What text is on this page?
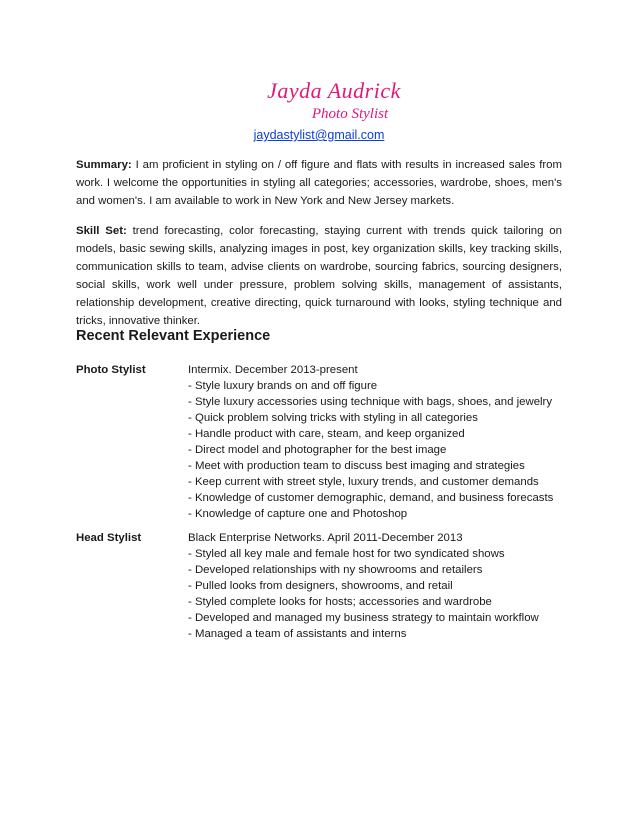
Jayda Audrick
Photo Stylist
jaydastylist@gmail.com
Summary: I am proficient in styling on / off figure and flats with results in increased sales from work. I welcome the opportunities in styling all categories; accessories, wardrobe, shoes, men's and women's. I am available to work in New York and New Jersey markets.
Skill Set: trend forecasting, color forecasting, staying current with trends quick tailoring on models, basic sewing skills, analyzing images in post, key organization skills, key tracking skills, communication skills to team, advise clients on wardrobe, sourcing fabrics, sourcing designers, social skills, work well under pressure, problem solving skills, management of assistants, relationship development, creative directing, quick turnaround with looks, styling technique and tricks, innovative thinker.
Recent Relevant Experience
Photo Stylist	Intermix. December 2013-present
- Style luxury brands on and off figure
- Style luxury accessories using technique with bags, shoes, and jewelry
- Quick problem solving tricks with styling in all categories
- Handle product with care, steam, and keep organized
- Direct model and photographer for the best image
- Meet with production team to discuss best imaging and strategies
- Keep current with street style, luxury trends, and customer demands
- Knowledge of customer demographic, demand, and business forecasts
- Knowledge of capture one and Photoshop
Head Stylist	Black Enterprise Networks. April 2011-December 2013
- Styled all key male and female host for two syndicated shows
- Developed relationships with ny showrooms and retailers
- Pulled looks from designers, showrooms, and retail
- Styled complete looks for hosts; accessories and wardrobe
- Developed and managed my business strategy to maintain workflow
- Managed a team of assistants and interns
